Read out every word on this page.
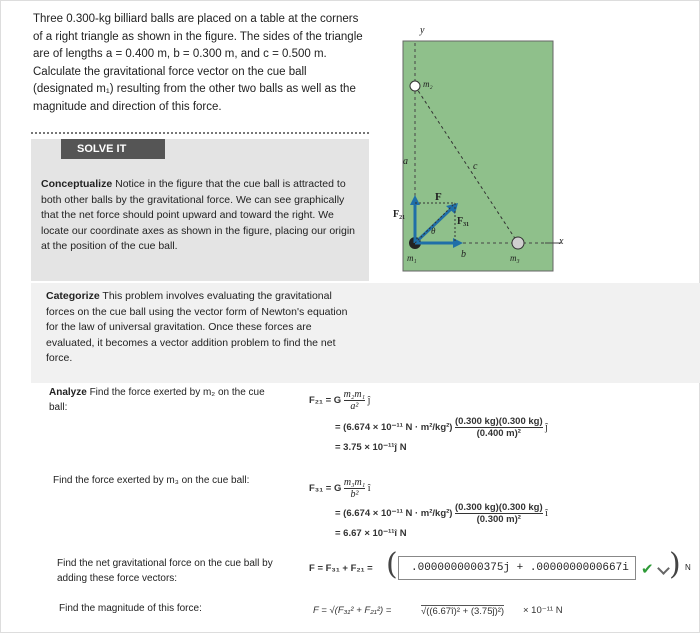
Three 0.300-kg billiard balls are placed on a table at the corners of a right triangle as shown in the figure. The sides of the triangle are of lengths a = 0.400 m, b = 0.300 m, and c = 0.500 m. Calculate the gravitational force vector on the cue ball (designated m₁) resulting from the other two balls as well as the magnitude and direction of this force.
SOLVE IT
Conceptualize Notice in the figure that the cue ball is attracted to both other balls by the gravitational force. We can see graphically that the net force should point upward and toward the right. We locate our coordinate axes as shown in the figure, placing our origin at the position of the cue ball.
y
x
m₂
m₁	m₃
a
b
c
θ
F
F₂₁
F₃₁
Categorize This problem involves evaluating the gravitational forces on the cue ball using the vector form of Newton's equation for the law of universal gravitation. Once these forces are evaluated, it becomes a vector addition problem to find the net force.
Analyze Find the force exerted by m₂ on the cue ball:
F₂₁ = G $\frac{\text{m₂m₁}}{\text{a²}}$ ĵ
= (6.674 × 10⁻¹¹ $N \cdot m^2/kg^2) \frac{(0.300 kg)(0.300 kg)}{\text{(0.400 m)²}}$ ĵ
= 3.75 × 10⁻¹¹ĵ N
Find the force exerted by m₃ on the cue ball:
F₃₁ = G $\frac{\text{m₃m₁}}{\text{b²}}$ î
= (6.674 × 10⁻¹¹ $N \cdot m^2/kg^2) \frac{(0.300 kg)(0.300 kg)}{\text{(0.300 m)²}}$ î
= 6.67 × 10⁻¹¹î N
Find the net gravitational force on the cue ball by adding these force vectors:
F = F₃₁ + F₂₁ = (	.0000000000375j + .0000000000667i ✔ ) N
Find the magnitude of this force:	F = √(F₃₁² + F₂₁²) =	√((6.67î)² + (3.75ĵ)²) × 10⁻¹¹ N
